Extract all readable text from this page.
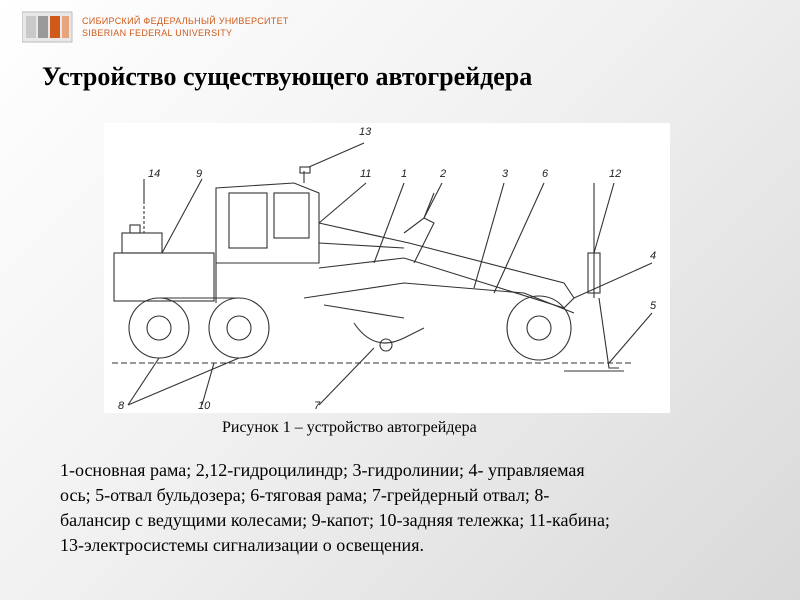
СИБИРСКИЙ ФЕДЕРАЛЬНЫЙ УНИВЕРСИТЕТ
SIBERIAN FEDERAL UNIVERSITY
Устройство существующего автогрейдера
13
14	9	11	1	2	3	6	12
4
5
8	10	7
Рисунок 1 – устройство автогрейдера
1-основная рама; 2,12-гидроцилиндр; 3-гидролинии; 4- управляемая
ось; 5-отвал бульдозера; 6-тяговая рама; 7-грейдерный отвал; 8-
балансир с ведущими колесами; 9-капот; 10-задняя тележка; 11-кабина;
13-электросистемы сигнализации о освещения.
